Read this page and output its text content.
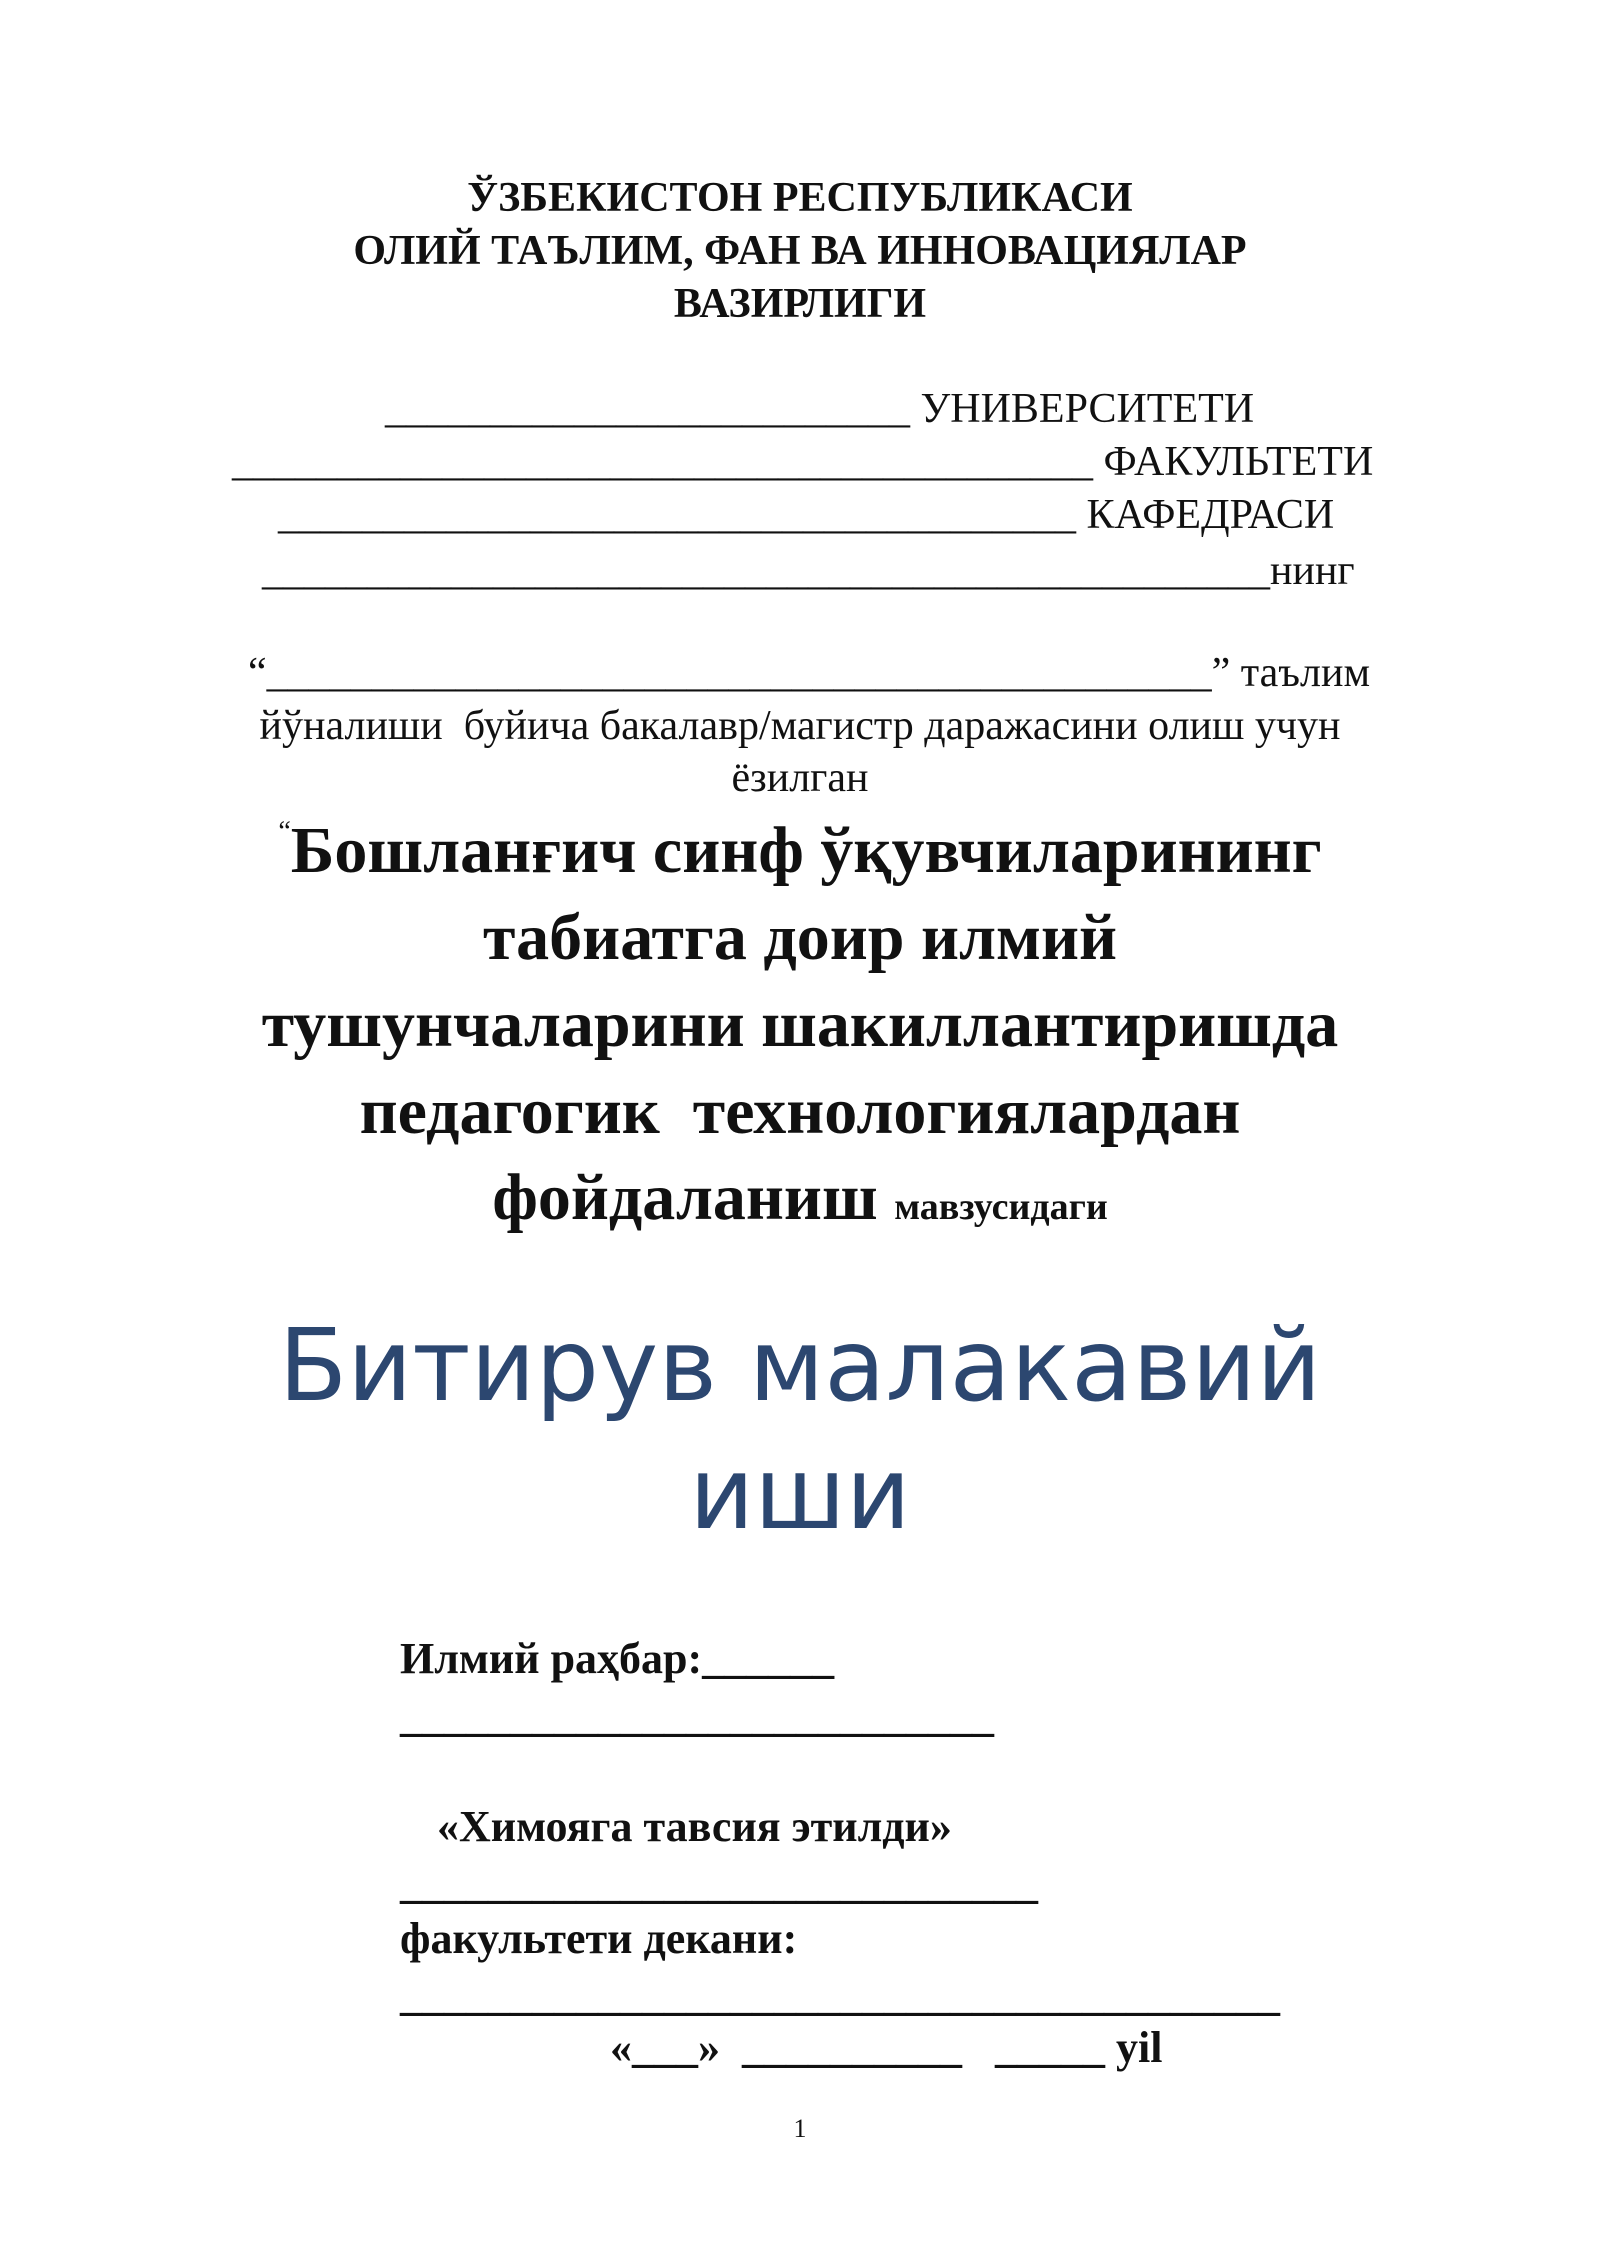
ЎЗБЕКИСТОН РЕСПУБЛИКАСИ
ОЛИЙ ТАЪЛИМ, ФАН ВА ИННОВАЦИЯЛАР
ВАЗИРЛИГИ
_________________________ УНИВЕРСИТЕТИ
_________________________________________ ФАКУЛЬТЕТИ
______________________________________ КАФЕДРАСИ
________________________________________________нинг
“_____________________________________________” таълим
йўналиши  буйича бакалавр/магистр даражасини олиш учун
ёзилган
“Бошланғич синф ўқувчиларининг
табиатга доир илмий
тушунчаларини шакиллантиришда
педагогик  технологиялардан
фойдаланиш мавзусидаги
Битирув малакавий
иши
Илмий раҳбар:______
___________________________
«Химояга тавсия этилди»
_____________________________
факультети декани:
________________________________________
«___»  __________   _____ yil
1
